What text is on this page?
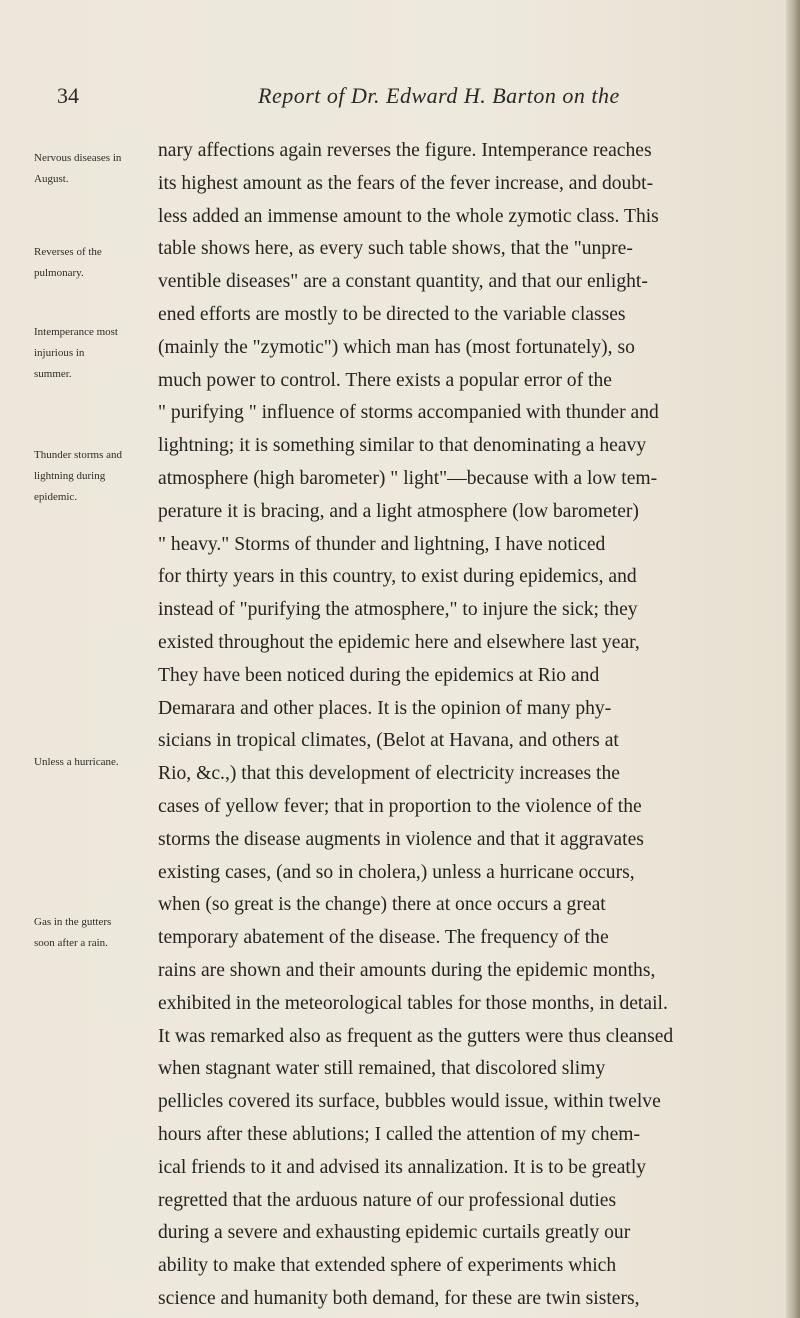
34	Report of Dr. Edward H. Barton on the
Nervous diseases in August.
Reverses of the pulmonary.
Intemperance most injurious in summer.
Thunder storms and lightning during epidemic.
Unless a hurricane.
Gas in the gutters soon after a rain.
nary affections again reverses the figure. Intemperance reaches
its highest amount as the fears of the fever increase, and doubt-
less added an immense amount to the whole zymotic class. This
table shows here, as every such table shows, that the "unpre-
ventible diseases" are a constant quantity, and that our enlight-
ened efforts are mostly to be directed to the variable classes
(mainly the "zymotic") which man has (most fortunately), so
much power to control. There exists a popular error of the
" purifying " influence of storms accompanied with thunder and
lightning; it is something similar to that denominating a heavy
atmosphere (high barometer) " light"—because with a low tem-
perature it is bracing, and a light atmosphere (low barometer)
" heavy." Storms of thunder and lightning, I have noticed
for thirty years in this country, to exist during epidemics, and
instead of "purifying the atmosphere," to injure the sick; they
existed throughout the epidemic here and elsewhere last year,
They have been noticed during the epidemics at Rio and
Demarara and other places. It is the opinion of many phy-
sicians in tropical climates, (Belot at Havana, and others at
Rio, &c.,) that this development of electricity increases the
cases of yellow fever; that in proportion to the violence of the
storms the disease augments in violence and that it aggravates
existing cases, (and so in cholera,) unless a hurricane occurs,
when (so great is the change) there at once occurs a great
temporary abatement of the disease. The frequency of the
rains are shown and their amounts during the epidemic months,
exhibited in the meteorological tables for those months, in detail.
It was remarked also as frequent as the gutters were thus cleansed
when stagnant water still remained, that discolored slimy
pellicles covered its surface, bubbles would issue, within twelve
hours after these ablutions; I called the attention of my chem-
ical friends to it and advised its annalization. It is to be greatly
regretted that the arduous nature of our professional duties
during a severe and exhausting epidemic curtails greatly our
ability to make that extended sphere of experiments which
science and humanity both demand, for these are twin sisters,
